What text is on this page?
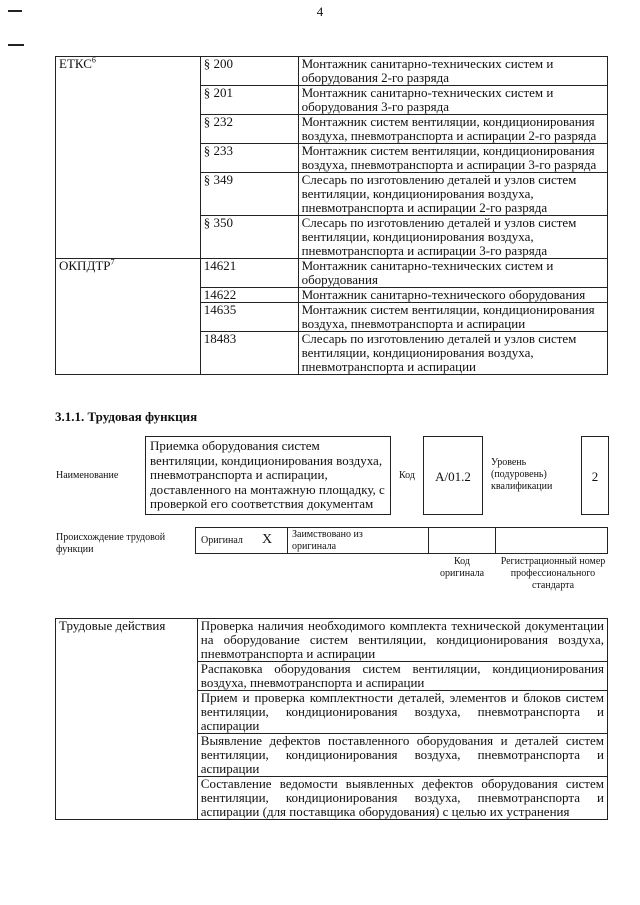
4
ЕТКС$^6$	§ 200	Монтажник санитарно-технических систем и оборудования 2-го разряда
	§ 201	Монтажник санитарно-технических систем и оборудования 3-го разряда
	§ 232	Монтажник систем вентиляции, кондиционирования воздуха, пневмотранспорта и аспирации 2-го разряда
	§ 233	Монтажник систем вентиляции, кондиционирования воздуха, пневмотранспорта и аспирации 3-го разряда
	§ 349	Слесарь по изготовлению деталей и узлов систем вентиляции, кондиционирования воздуха, пневмотранспорта и аспирации 2-го разряда
	§ 350	Слесарь по изготовлению деталей и узлов систем вентиляции, кондиционирования воздуха, пневмотранспорта и аспирации 3-го разряда
ОКПДТР$^7$	14621	Монтажник санитарно-технических систем и оборудования
	14622	Монтажник санитарно-технического оборудования
	14635	Монтажник систем вентиляции, кондиционирования воздуха, пневмотранспорта и аспирации
	18483	Слесарь по изготовлению деталей и узлов систем вентиляции, кондиционирования воздуха, пневмотранспорта и аспирации
3.1.1. Трудовая функция
Наименование
Приемка оборудования систем вентиляции, кондиционирования воздуха, пневмотранспорта и аспирации, доставленного на монтажную площадку, с проверкой его соответствия документам
Код	A/01.2
Уровень (подуровень) квалификации
2
Происхождение трудовой функции
Оригинал X Заимствовано из оригинала
Код оригинала
Регистрационный номер профессионального стандарта
Трудовые действия	Проверка наличия необходимого комплекта технической документации на оборудование систем вентиляции, кондиционирования воздуха, пневмотранспорта и аспирации
Распаковка оборудования систем вентиляции, кондиционирования воздуха, пневмотранспорта и аспирации
Прием и проверка комплектности деталей, элементов и блоков систем вентиляции, кондиционирования воздуха, пневмотранспорта и аспирации
Выявление дефектов поставленного оборудования и деталей систем вентиляции, кондиционирования воздуха, пневмотранспорта и аспирации
Составление ведомости выявленных дефектов оборудования систем вентиляции, кондиционирования воздуха, пневмотранспорта и аспирации (для поставщика оборудования) с целью их устранения
